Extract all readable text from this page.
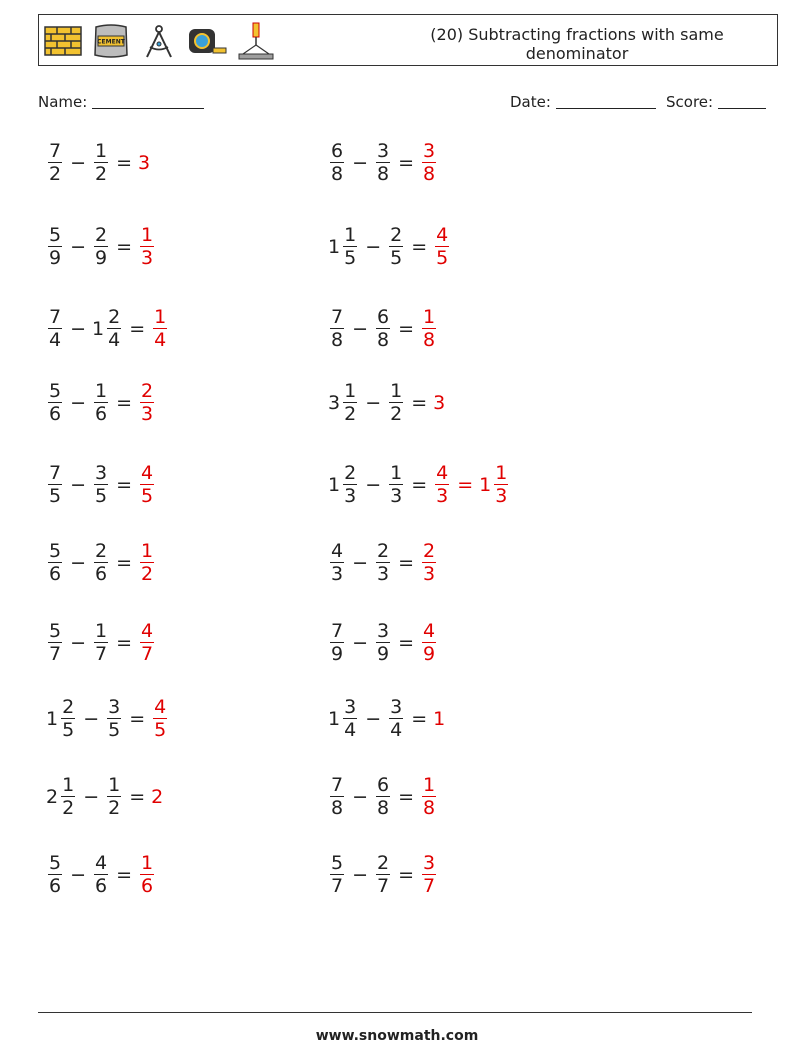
CEMENT	(20) Subtracting fractions with same denominator
Name:	Date:	Score:
$\frac{7}{2} - \frac{1}{2} = 3$
$\frac{5}{9} - \frac{2}{9} = \frac{1}{3}$
$\frac{7}{4} - 1 \frac{2}{4} = \frac{1}{4}$
$\frac{5}{6} - \frac{1}{6} = \frac{2}{3}$
$\frac{7}{5} - \frac{3}{5} = \frac{4}{5}$
$\frac{5}{6} - \frac{2}{6} = \frac{1}{2}$
$\frac{5}{7} - \frac{1}{7} = \frac{4}{7}$
$1 \frac{2}{5} - \frac{3}{5} = \frac{4}{5}$
$2 \frac{1}{2} - \frac{1}{2} = 2$
$\frac{5}{6} - \frac{4}{6} = \frac{1}{6}$
$\frac{6}{8} - \frac{3}{8} = \frac{3}{8}$
$1 \frac{1}{5} - \frac{2}{5} = \frac{4}{5}$
$\frac{7}{8} - \frac{6}{8} = \frac{1}{8}$
$3 \frac{1}{2} - \frac{1}{2} = 3$
$1 \frac{2}{3} - \frac{1}{3} = \frac{4}{3} = 1 \frac{1}{3}$
$\frac{4}{3} - \frac{2}{3} = \frac{2}{3}$
$\frac{7}{9} - \frac{3}{9} = \frac{4}{9}$
$1 \frac{3}{4} - \frac{3}{4} = 1$
$\frac{7}{8} - \frac{6}{8} = \frac{1}{8}$
$\frac{5}{7} - \frac{2}{7} = \frac{3}{7}$
www.snowmath.com
